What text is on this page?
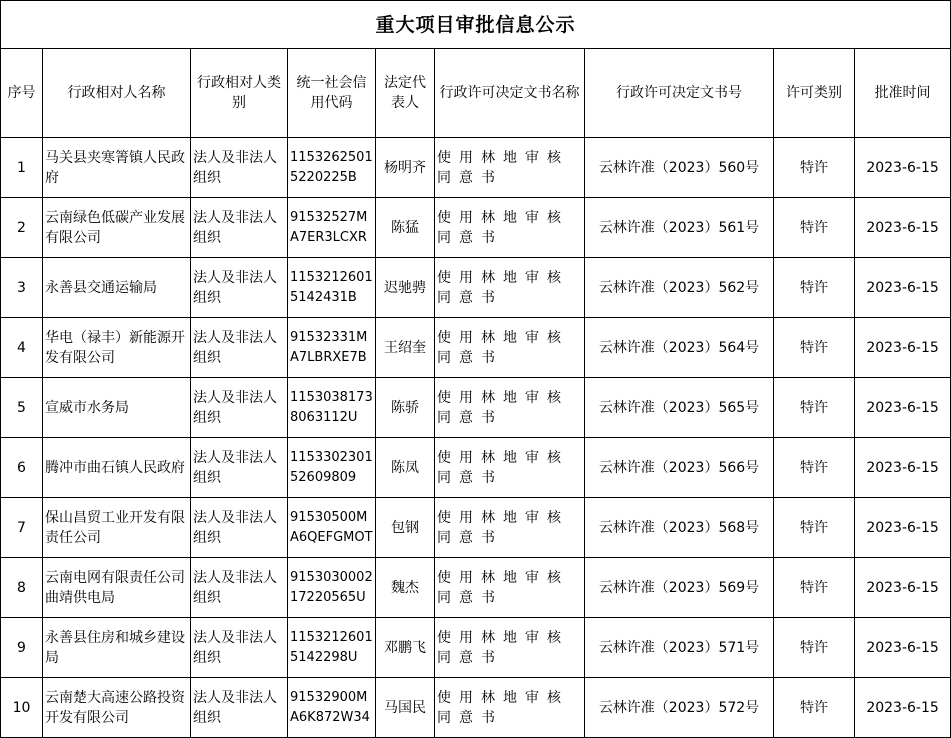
重大项目审批信息公示								
序号	行政相对人名称	行政相对人类别	统一社会信用代码	法定代表人	行政许可决定文书名称	行政许可决定文书号	许可类别	批准时间
1	马关县夹寒箐镇人民政府	法人及非法人组织	11532625015220225B	杨明齐	使用林地审核同意书	云林许准（2023）560号	特许	2023-6-15
2	云南绿色低碳产业发展有限公司	法人及非法人组织	91532527MA7ER3LCXR	陈猛	使用林地审核同意书	云林许准（2023）561号	特许	2023-6-15
3	永善县交通运输局	法人及非法人组织	11532126015142431B	迟驰骋	使用林地审核同意书	云林许准（2023）562号	特许	2023-6-15
4	华电（禄丰）新能源开发有限公司	法人及非法人组织	91532331MA7LBRXE7B	王绍奎	使用林地审核同意书	云林许准（2023）564号	特许	2023-6-15
5	宣威市水务局	法人及非法人组织	11530381738063112U	陈骄	使用林地审核同意书	云林许准（2023）565号	特许	2023-6-15
6	腾冲市曲石镇人民政府	法人及非法人组织	115330230152609809	陈凤	使用林地审核同意书	云林许准（2023）566号	特许	2023-6-15
7	保山昌贸工业开发有限责任公司	法人及非法人组织	91530500MA6QEFGMOT	包钢	使用林地审核同意书	云林许准（2023）568号	特许	2023-6-15
8	云南电网有限责任公司曲靖供电局	法人及非法人组织	915303000217220565U	魏杰	使用林地审核同意书	云林许准（2023）569号	特许	2023-6-15
9	永善县住房和城乡建设局	法人及非法人组织	11532126015142298U	邓鹏飞	使用林地审核同意书	云林许准（2023）571号	特许	2023-6-15
10	云南楚大高速公路投资开发有限公司	法人及非法人组织	91532900MA6K872W34	马国民	使用林地审核同意书	云林许准（2023）572号	特许	2023-6-15
